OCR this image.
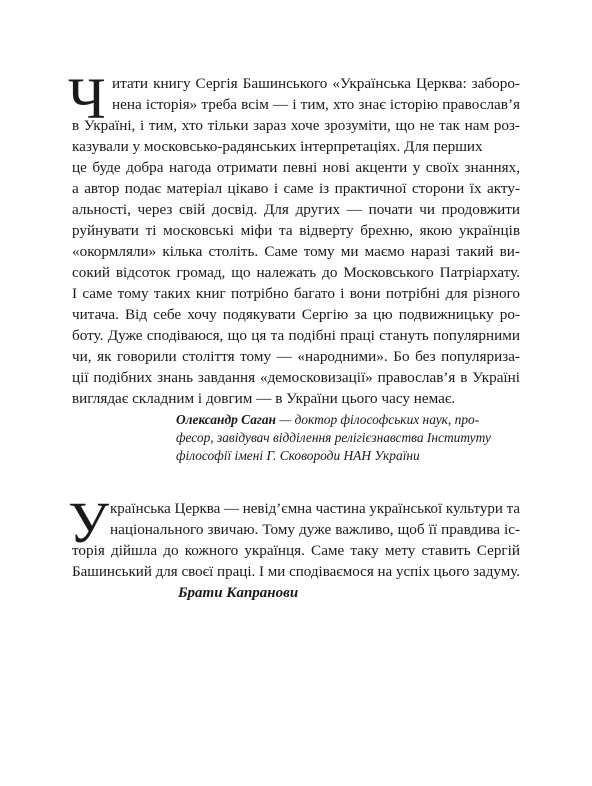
Ч итати книгу Сергія Башинського «Українська Церква: заборо-
нена історія» треба всім — і тим, хто знає історію православ’я
в Україні, і тим, хто тільки зараз хоче зрозуміти, що не так нам роз-
казували у московсько-радянських інтерпретаціях. Для перших
це буде добра нагода отримати певні нові акценти у своїх знаннях,
а автор подає матеріал цікаво і саме із практичної сторони їх акту-
альності, через свій досвід. Для других — почати чи продовжити
руйнувати ті московські міфи та відверту брехню, якою українців
«окормляли» кілька століть. Саме тому ми маємо наразі такий ви-
сокий відсоток громад, що належать до Московського Патріархату.
І саме тому таких книг потрібно багато і вони потрібні для різного
читача. Від себе хочу подякувати Сергію за цю подвижницьку ро-
боту. Дуже сподіваюся, що ця та подібні праці стануть популярними
чи, як говорили століття тому — «народними». Бо без популяриза-
ції подібних знань завдання «демосковизації» православ’я в Україні
виглядає складним і довгим — в України цього часу немає.
Олександр Саган — доктор філософських наук, про-
фесор, завідувач відділення релігієзнавства Інституту
філософії імені Г. Сковороди НАН України
У країнська Церква — невід’ємна частина української культури та
національного звичаю. Тому дуже важливо, щоб її правдива іс-
торія дійшла до кожного українця. Саме таку мету ставить Сергій
Башинський для своєї праці. І ми сподіваємося на успіх цього задуму.
Брати Капранови
